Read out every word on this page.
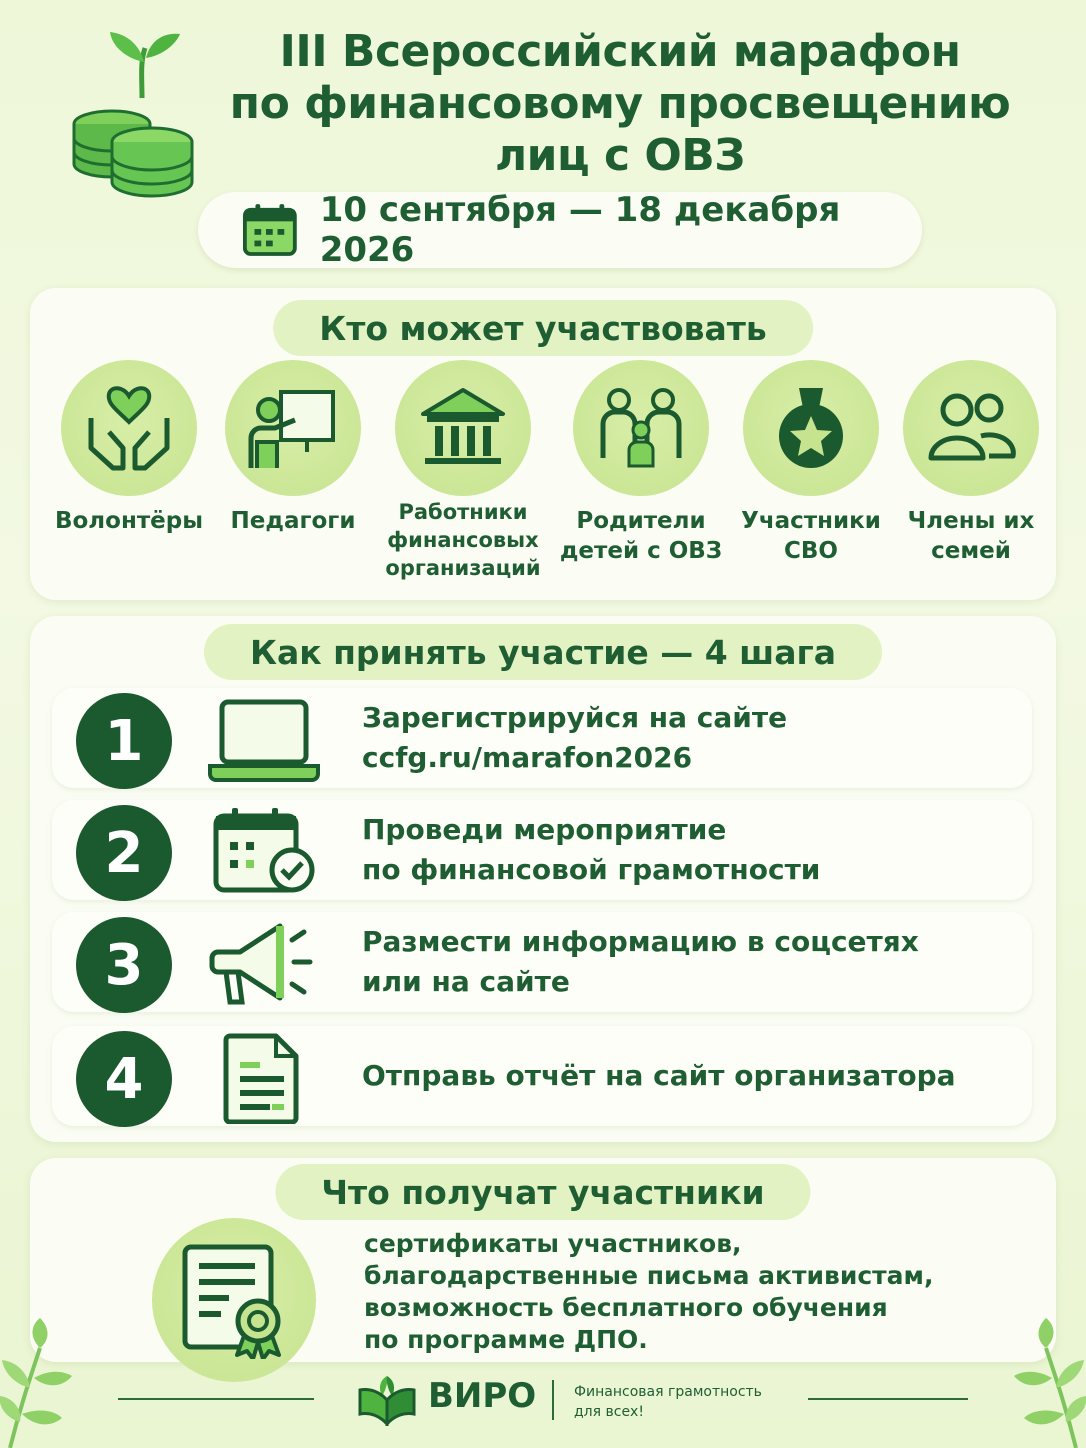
III Всероссийский марафон
по финансовому просвещению
лиц с ОВЗ
10 сентября — 18 декабря 2026
Кто может участвовать
Волонтёры	Педагоги	Работники
финансовых
организаций
Родители
детей с ОВЗ
Участники
СВО
Члены их
семей
Как принять участие — 4 шага
1	Зарегистрируйся на сайте
ccfg.ru/marafon2026
2	Проведи мероприятие
по финансовой грамотности
3	Размести информацию в соцсетях
или на сайте
4	Отправь отчёт на сайт организатора
Что получат участники
сертификаты участников,
благодарственные письма активистам,
возможность бесплатного обучения
по программе ДПО.
ВИРО	Финансовая грамотность
для всех!
